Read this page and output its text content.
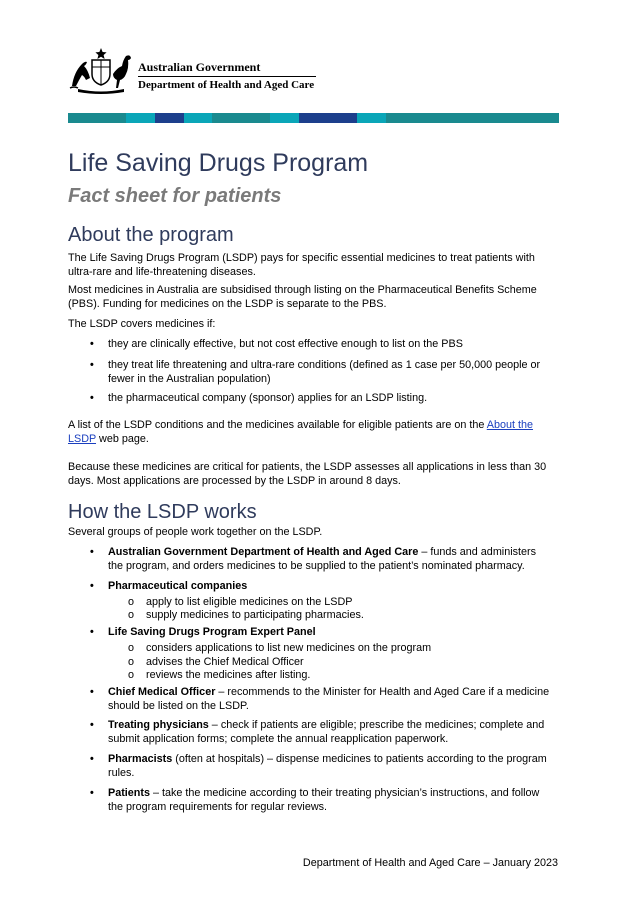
Australian Government
Department of Health and Aged Care
Life Saving Drugs Program
Fact sheet for patients
About the program

The Life Saving Drugs Program (LSDP) pays for specific essential medicines to treat patients with ultra-rare and life-threatening diseases.

Most medicines in Australia are subsidised through listing on the Pharmaceutical Benefits Scheme (PBS). Funding for medicines on the LSDP is separate to the PBS.

The LSDP covers medicines if:

• they are clinically effective, but not cost effective enough to list on the PBS
• they treat life threatening and ultra-rare conditions (defined as 1 case per 50,000 people or fewer in the Australian population)
• the pharmaceutical company (sponsor) applies for an LSDP listing.

A list of the LSDP conditions and the medicines available for eligible patients are on the About the LSDP web page.

Because these medicines are critical for patients, the LSDP assesses all applications in less than 30 days. Most applications are processed by the LSDP in around 8 days.

How the LSDP works

Several groups of people work together on the LSDP.

• Australian Government Department of Health and Aged Care – funds and administers the program, and orders medicines to be supplied to the patient’s nominated pharmacy.
• Pharmaceutical companies
o apply to list eligible medicines on the LSDP
o supply medicines to participating pharmacies.
• Life Saving Drugs Program Expert Panel
o considers applications to list new medicines on the program
o advises the Chief Medical Officer
o reviews the medicines after listing.
• Chief Medical Officer – recommends to the Minister for Health and Aged Care if a medicine should be listed on the LSDP.
• Treating physicians – check if patients are eligible; prescribe the medicines; complete and submit application forms; complete the annual reapplication paperwork.
• Pharmacists (often at hospitals) – dispense medicines to patients according to the program rules.
• Patients – take the medicine according to their treating physician’s instructions, and follow the program requirements for regular reviews.
Department of Health and Aged Care – January 2023
